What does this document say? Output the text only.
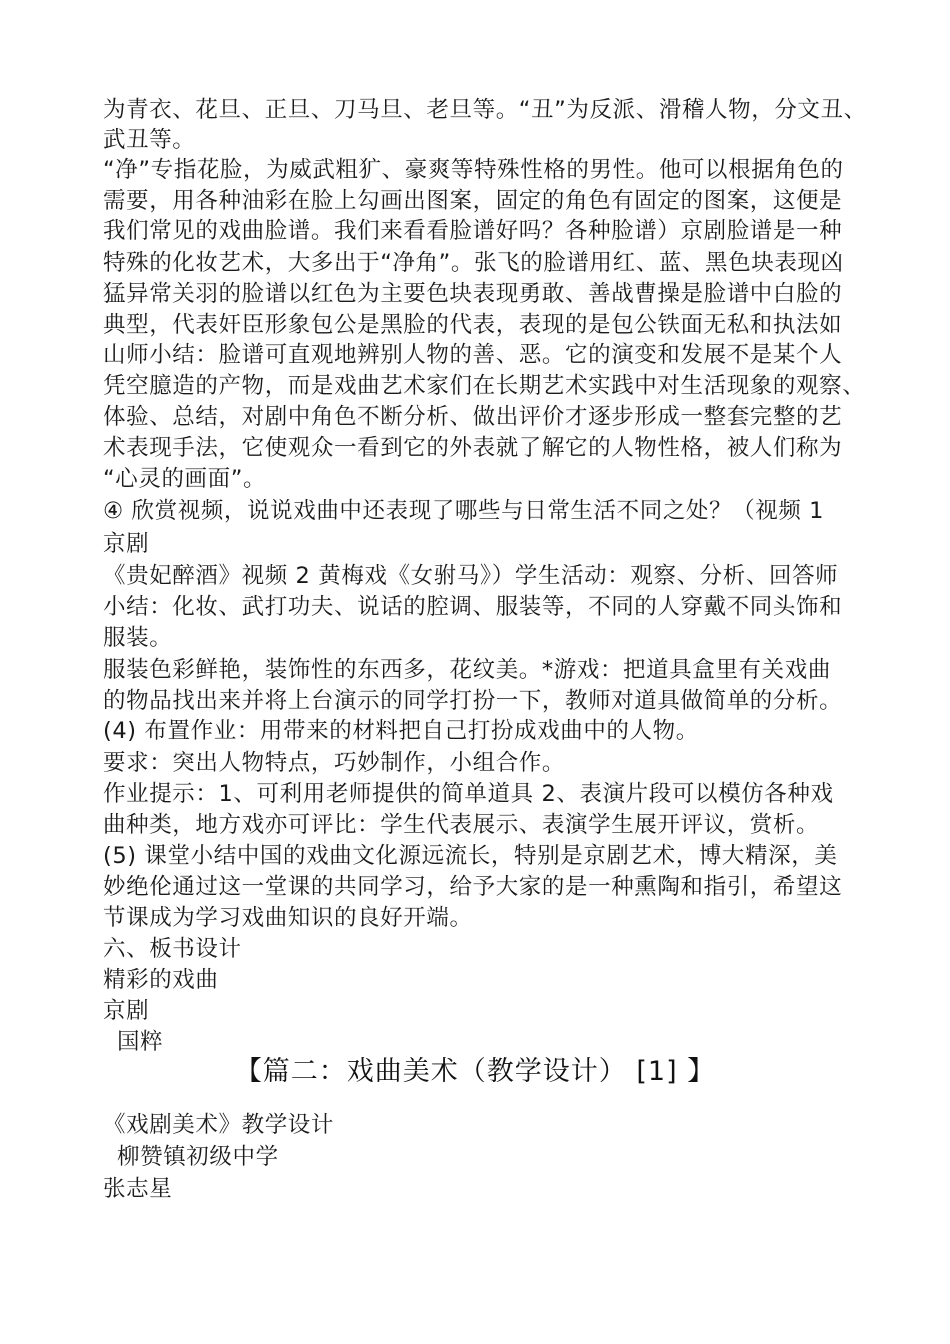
为青衣、花旦、正旦、刀马旦、老旦等。“丑”为反派、滑稽人物，分文丑、
武丑等。
“净”专指花脸，为威武粗犷、豪爽等特殊性格的男性。他可以根据角色的
需要，用各种油彩在脸上勾画出图案，固定的角色有固定的图案，这便是
我们常见的戏曲脸谱。我们来看看脸谱好吗？各种脸谱）京剧脸谱是一种
特殊的化妆艺术，大多出于“净角”。张飞的脸谱用红、蓝、黑色块表现凶
猛异常关羽的脸谱以红色为主要色块表现勇敢、善战曹操是脸谱中白脸的
典型，代表奸臣形象包公是黑脸的代表，表现的是包公铁面无私和执法如
山师小结：脸谱可直观地辨别人物的善、恶。它的演变和发展不是某个人
凭空臆造的产物，而是戏曲艺术家们在长期艺术实践中对生活现象的观察、
体验、总结，对剧中角色不断分析、做出评价才逐步形成一整套完整的艺
术表现手法，它使观众一看到它的外表就了解它的人物性格，被人们称为
“心灵的画面”。
④ 欣赏视频，说说戏曲中还表现了哪些与日常生活不同之处？（视频 1
京剧
《贵妃醉酒》视频 2 黄梅戏《女驸马》）学生活动：观察、分析、回答师
小结：化妆、武打功夫、说话的腔调、服装等，不同的人穿戴不同头饰和
服装。
服装色彩鲜艳，装饰性的东西多，花纹美。*游戏：把道具盒里有关戏曲
的物品找出来并将上台演示的同学打扮一下，教师对道具做简单的分析。
(4) 布置作业：用带来的材料把自己打扮成戏曲中的人物。
要求：突出人物特点，巧妙制作，小组合作。
作业提示：1、可利用老师提供的简单道具 2、表演片段可以模仿各种戏
曲种类，地方戏亦可评比：学生代表展示、表演学生展开评议，赏析。
(5) 课堂小结中国的戏曲文化源远流长，特别是京剧艺术，博大精深，美
妙绝伦通过这一堂课的共同学习，给予大家的是一种熏陶和指引，希望这
节课成为学习戏曲知识的良好开端。
六、板书设计
精彩的戏曲
京剧
国粹
【篇二：戏曲美术（教学设计） [1] 】
《戏剧美术》教学设计
柳赞镇初级中学
张志星
